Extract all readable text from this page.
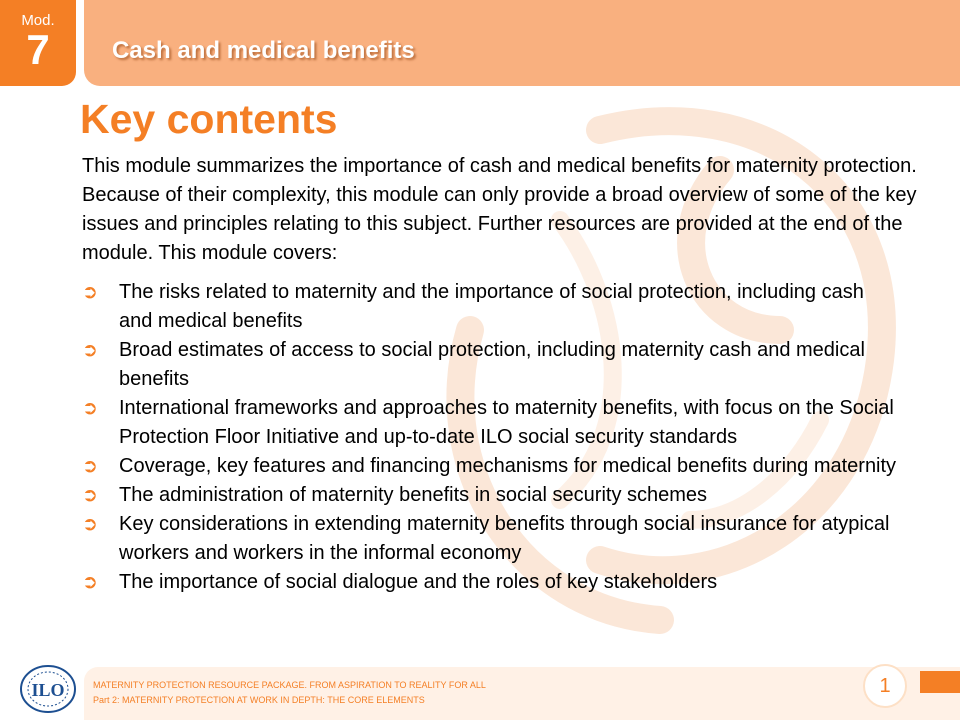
Mod.
7	Cash and medical benefits
Key contents
This module summarizes the importance of cash and medical benefits for maternity protection. Because of their complexity, this module can only provide a broad overview of some of the key issues and principles relating to this subject. Further resources are provided at the end of the module. This module covers:
➲ The risks related to maternity and the importance of social protection, including cash and medical benefits
➲ Broad estimates of access to social protection, including maternity cash and medical benefits
➲ International frameworks and approaches to maternity benefits, with focus on the Social Protection Floor Initiative and up-to-date ILO social security standards
➲ Coverage, key features and financing mechanisms for medical benefits during maternity
➲ The administration of maternity benefits in social security schemes
➲ Key considerations in extending maternity benefits through social insurance for atypical workers and workers in the informal economy
➲ The importance of social dialogue and the roles of key stakeholders
ILO	MATERNITY PROTECTION RESOURCE PACKAGE. FROM ASPIRATION TO REALITY FOR ALL
Part 2: MATERNITY PROTECTION AT WORK IN DEPTH: THE CORE ELEMENTS
1
